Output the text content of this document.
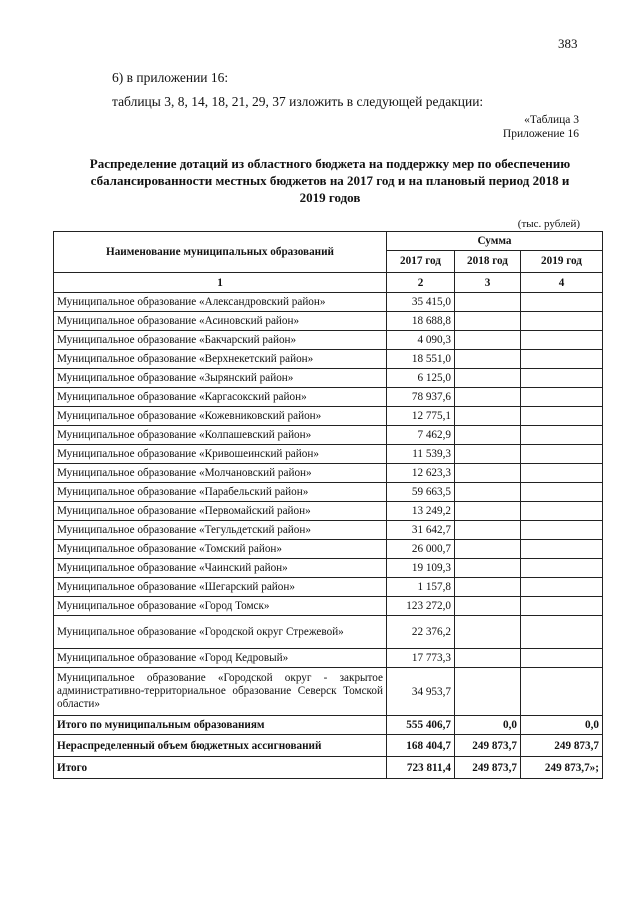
383
6) в приложении 16:
таблицы 3, 8, 14, 18, 21, 29, 37 изложить в следующей редакции:
«Таблица 3
Приложение 16
Распределение дотаций из областного бюджета на поддержку мер по обеспечению сбалансированности местных бюджетов на 2017 год и на плановый период 2018 и 2019 годов
(тыс. рублей)
Наименование муниципальных образований	Сумма		
	2017 год	2018 год	2019 год
1	2	3	4
Муниципальное образование «Александровский район»	35 415,0		
Муниципальное образование «Асиновский район»	18 688,8		
Муниципальное образование «Бакчарский район»	4 090,3		
Муниципальное образование «Верхнекетский район»	18 551,0		
Муниципальное образование «Зырянский район»	6 125,0		
Муниципальное образование «Каргасокский район»	78 937,6		
Муниципальное образование «Кожевниковский район»	12 775,1		
Муниципальное образование «Колпашевский район»	7 462,9		
Муниципальное образование «Кривошеинский район»	11 539,3		
Муниципальное образование «Молчановский район»	12 623,3		
Муниципальное образование «Парабельский район»	59 663,5		
Муниципальное образование «Первомайский район»	13 249,2		
Муниципальное образование «Тегульдетский район»	31 642,7		
Муниципальное образование «Томский район»	26 000,7		
Муниципальное образование «Чаинский район»	19 109,3		
Муниципальное образование «Шегарский район»	1 157,8		
Муниципальное образование «Город Томск»	123 272,0		
Муниципальное образование «Городской округ Стрежевой»	22 376,2		
Муниципальное образование «Город Кедровый»	17 773,3		
Муниципальное образование «Городской округ - закрытое административно-территориальное образование Северск Томской области»	34 953,7		
Итого по муниципальным образованиям	555 406,7	0,0	0,0
Нераспределенный объем бюджетных ассигнований	168 404,7	249 873,7	249 873,7
Итого	723 811,4	249 873,7	249 873,7»;
